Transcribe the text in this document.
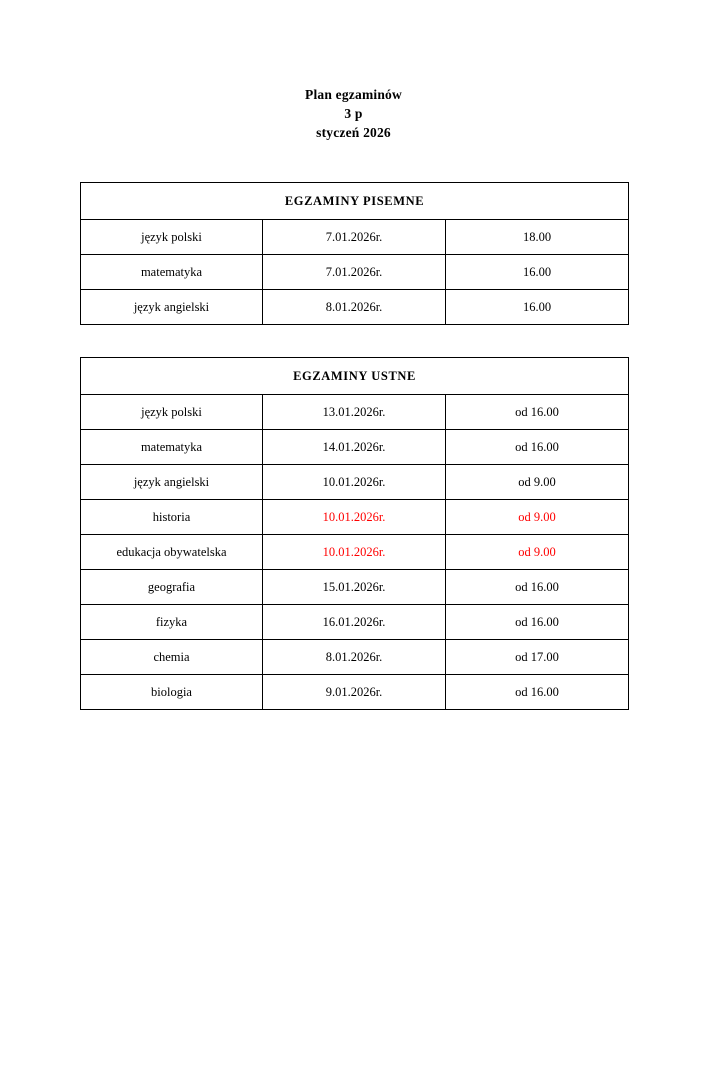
Plan egzaminów
3 p
styczeń 2026
EGZAMINY PISEMNE		
język polski	7.01.2026r.	18.00
matematyka	7.01.2026r.	16.00
język angielski	8.01.2026r.	16.00
EGZAMINY USTNE		
język polski	13.01.2026r.	od 16.00
matematyka	14.01.2026r.	od 16.00
język angielski	10.01.2026r.	od 9.00
historia	10.01.2026r.	od 9.00
edukacja obywatelska	10.01.2026r.	od 9.00
geografia	15.01.2026r.	od 16.00
fizyka	16.01.2026r.	od 16.00
chemia	8.01.2026r.	od 17.00
biologia	9.01.2026r.	od 16.00
